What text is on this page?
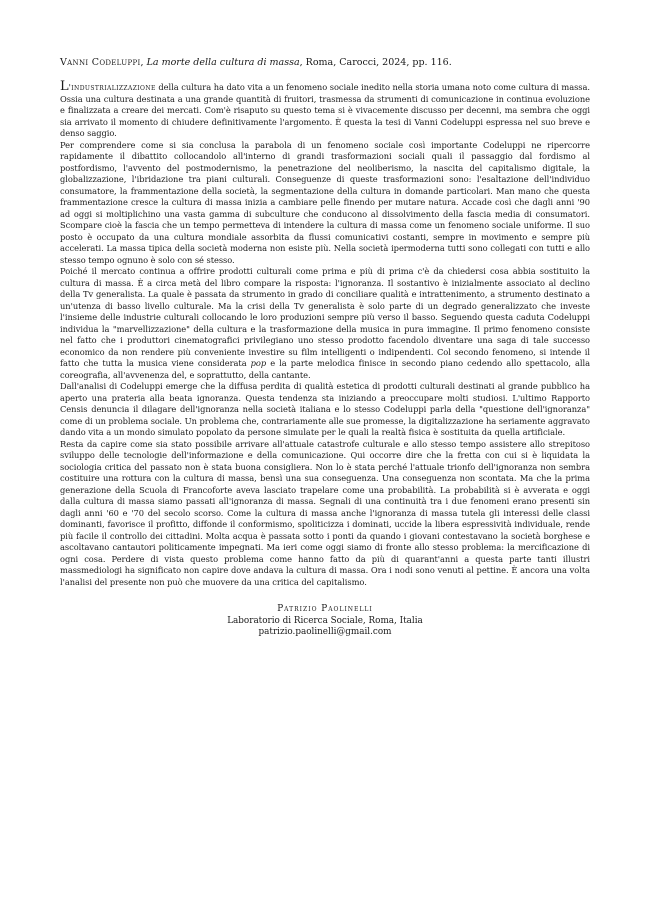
Vanni Codeluppi, La morte della cultura di massa, Roma, Carocci, 2024, pp. 116.

L'industrializzazione della cultura ha dato vita a un fenomeno sociale inedito nella storia umana noto come cultura di massa. Ossia una cultura destinata a una grande quantità di fruitori, trasmessa da strumenti di comunicazione in continua evoluzione e finalizzata a creare dei mercati. Com'è risaputo su questo tema si è vivacemente discusso per decenni, ma sembra che oggi sia arrivato il momento di chiudere definitivamente l'argomento. È questa la tesi di Vanni Codeluppi espressa nel suo breve e denso saggio.

Per comprendere come si sia conclusa la parabola di un fenomeno sociale così importante Codeluppi ne ripercorre rapidamente il dibattito collocandolo all'interno di grandi trasformazioni sociali quali il passaggio dal fordismo al postfordismo, l'avvento del postmodernismo, la penetrazione del neoliberismo, la nascita del capitalismo digitale, la globalizzazione, l'ibridazione tra piani culturali. Conseguenze di queste trasformazioni sono: l'esaltazione dell'individuo consumatore, la frammentazione della società, la segmentazione della cultura in domande particolari. Man mano che questa frammentazione cresce la cultura di massa inizia a cambiare pelle finendo per mutare natura. Accade così che dagli anni '90 ad oggi si moltiplichino una vasta gamma di subculture che conducono al dissolvimento della fascia media di consumatori. Scompare cioè la fascia che un tempo permetteva di intendere la cultura di massa come un fenomeno sociale uniforme. Il suo posto è occupato da una cultura mondiale assorbita da flussi comunicativi costanti, sempre in movimento e sempre più accelerati. La massa tipica della società moderna non esiste più. Nella società ipermoderna tutti sono collegati con tutti e allo stesso tempo ognuno è solo con sé stesso.

Poiché il mercato continua a offrire prodotti culturali come prima e più di prima c'è da chiedersi cosa abbia sostituito la cultura di massa. È a circa metà del libro compare la risposta: l'ignoranza. Il sostantivo è inizialmente associato al declino della Tv generalista. La quale è passata da strumento in grado di conciliare qualità e intrattenimento, a strumento destinato a un'utenza di basso livello culturale. Ma la crisi della Tv generalista è solo parte di un degrado generalizzato che investe l'insieme delle industrie culturali collocando le loro produzioni sempre più verso il basso. Seguendo questa caduta Codeluppi individua la "marvellizzazione" della cultura e la trasformazione della musica in pura immagine. Il primo fenomeno consiste nel fatto che i produttori cinematografici privilegiano uno stesso prodotto facendolo diventare una saga di tale successo economico da non rendere più conveniente investire su film intelligenti o indipendenti. Col secondo fenomeno, si intende il fatto che tutta la musica viene considerata pop e la parte melodica finisce in secondo piano cedendo allo spettacolo, alla coreografia, all'avvenenza del, e soprattutto, della cantante.

Dall'analisi di Codeluppi emerge che la diffusa perdita di qualità estetica di prodotti culturali destinati al grande pubblico ha aperto una prateria alla beata ignoranza. Questa tendenza sta iniziando a preoccupare molti studiosi. L'ultimo Rapporto Censis denuncia il dilagare dell'ignoranza nella società italiana e lo stesso Codeluppi parla della "questione dell'ignoranza" come di un problema sociale. Un problema che, contrariamente alle sue promesse, la digitalizzazione ha seriamente aggravato dando vita a un mondo simulato popolato da persone simulate per le quali la realtà fisica è sostituita da quella artificiale.

Resta da capire come sia stato possibile arrivare all'attuale catastrofe culturale e allo stesso tempo assistere allo strepitoso sviluppo delle tecnologie dell'informazione e della comunicazione. Qui occorre dire che la fretta con cui si è liquidata la sociologia critica del passato non è stata buona consigliera. Non lo è stata perché l'attuale trionfo dell'ignoranza non sembra costituire una rottura con la cultura di massa, bensì una sua conseguenza. Una conseguenza non scontata. Ma che la prima generazione della Scuola di Francoforte aveva lasciato trapelare come una probabilità. La probabilità si è avverata e oggi dalla cultura di massa siamo passati all'ignoranza di massa. Segnali di una continuità tra i due fenomeni erano presenti sin dagli anni '60 e '70 del secolo scorso. Come la cultura di massa anche l'ignoranza di massa tutela gli interessi delle classi dominanti, favorisce il profitto, diffonde il conformismo, spoliticizza i dominati, uccide la libera espressività individuale, rende più facile il controllo dei cittadini. Molta acqua è passata sotto i ponti da quando i giovani contestavano la società borghese e ascoltavano cantautori politicamente impegnati. Ma ieri come oggi siamo di fronte allo stesso problema: la mercificazione di ogni cosa. Perdere di vista questo problema come hanno fatto da più di quarant'anni a questa parte tanti illustri massmediologi ha significato non capire dove andava la cultura di massa. Ora i nodi sono venuti al pettine. È ancora una volta l'analisi del presente non può che muovere da una critica del capitalismo.

Patrizio Paolinelli
Laboratorio di Ricerca Sociale, Roma, Italia
patrizio.paolinelli@gmail.com
